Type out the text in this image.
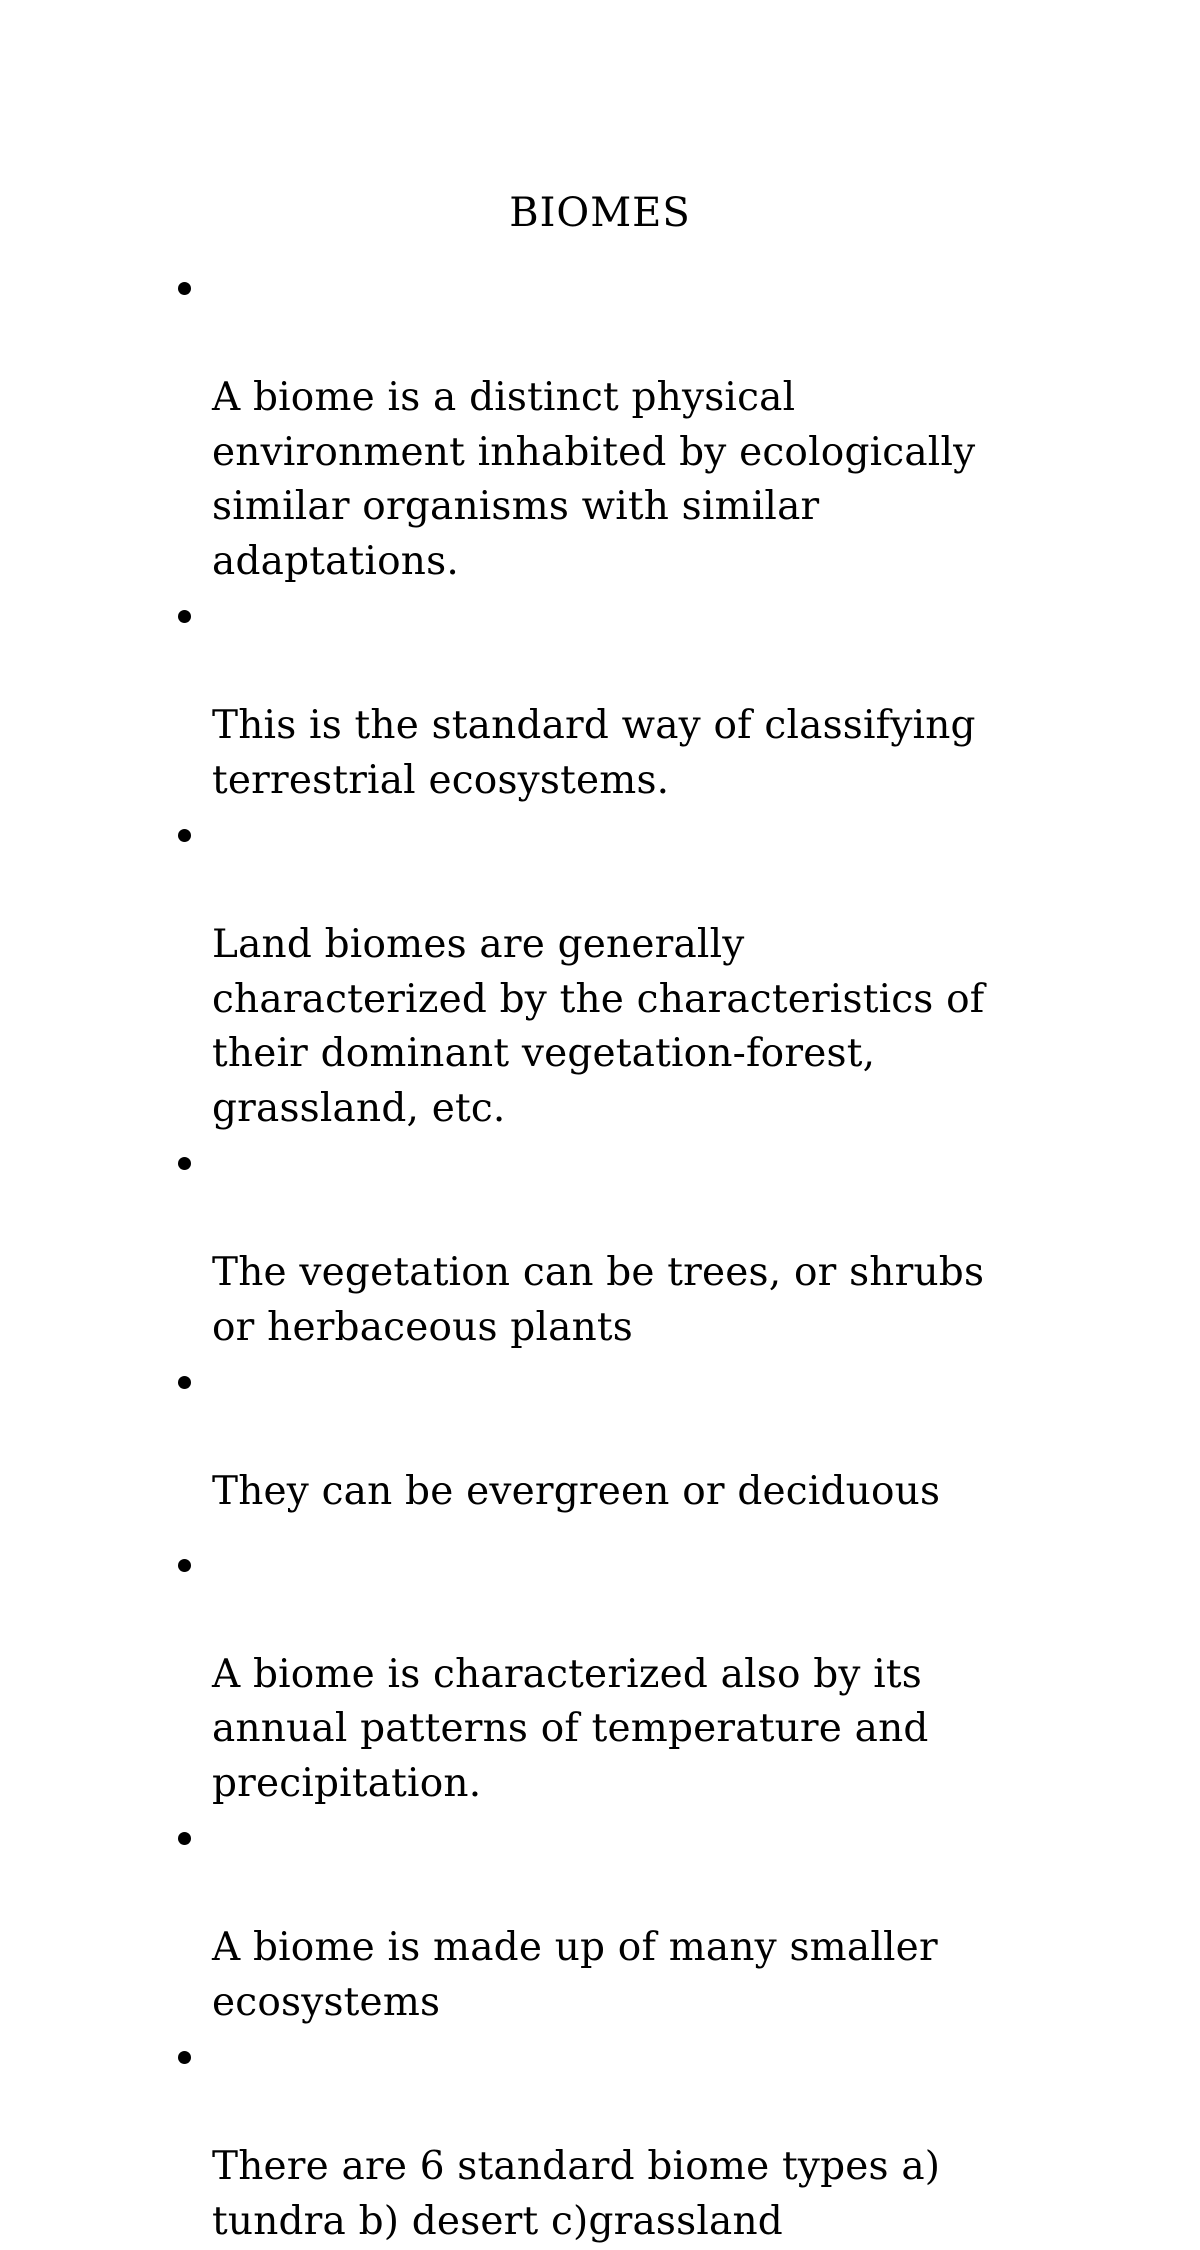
BIOMES

A biome is a distinct physical
environment inhabited by ecologically
similar organisms with similar
adaptations.

This is the standard way of classifying
terrestrial ecosystems.

Land biomes are generally
characterized by the characteristics of
their dominant vegetation-forest,
grassland, etc.

The vegetation can be trees, or shrubs
or herbaceous plants

They can be evergreen or deciduous

A biome is characterized also by its
annual patterns of temperature and
precipitation.

A biome is made up of many smaller
ecosystems

There are 6 standard biome types a)
tundra b) desert c)grassland
